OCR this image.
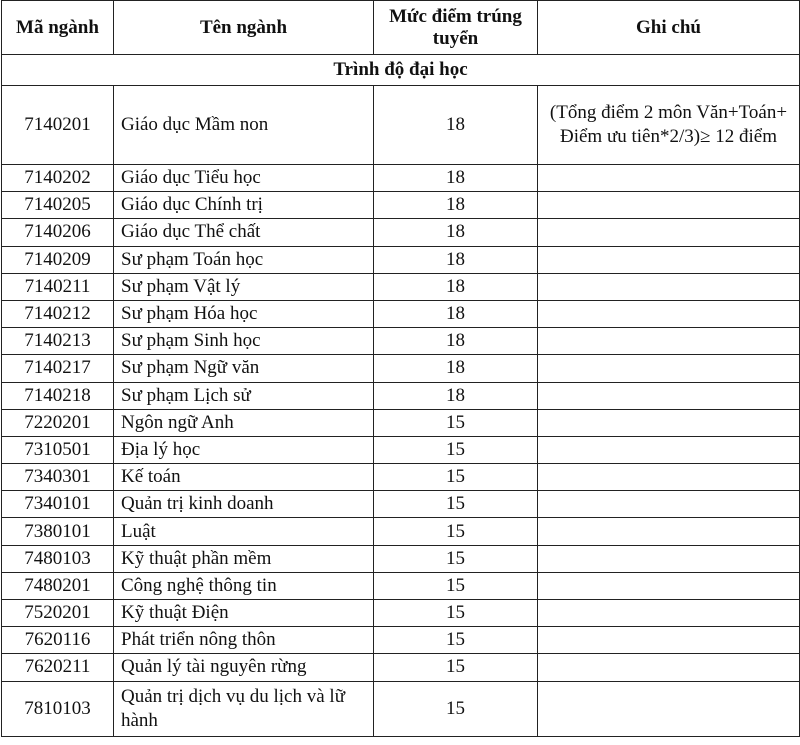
Mã ngành	Tên ngành	Mức điểm trúng tuyển	Ghi chú
Trình độ đại học			
7140201	Giáo dục Mầm non	18	(Tổng điểm 2 môn Văn+Toán+ Điểm ưu tiên*2/3)≥ 12 điểm
7140202	Giáo dục Tiểu học	18	
7140205	Giáo dục Chính trị	18	
7140206	Giáo dục Thể chất	18	
7140209	Sư phạm Toán học	18	
7140211	Sư phạm Vật lý	18	
7140212	Sư phạm Hóa học	18	
7140213	Sư phạm Sinh học	18	
7140217	Sư phạm Ngữ văn	18	
7140218	Sư phạm Lịch sử	18	
7220201	Ngôn ngữ Anh	15	
7310501	Địa lý học	15	
7340301	Kế toán	15	
7340101	Quản trị kinh doanh	15	
7380101	Luật	15	
7480103	Kỹ thuật phần mềm	15	
7480201	Công nghệ thông tin	15	
7520201	Kỹ thuật Điện	15	
7620116	Phát triển nông thôn	15	
7620211	Quản lý tài nguyên rừng	15	
7810103	Quản trị dịch vụ du lịch và lữ hành	15	
